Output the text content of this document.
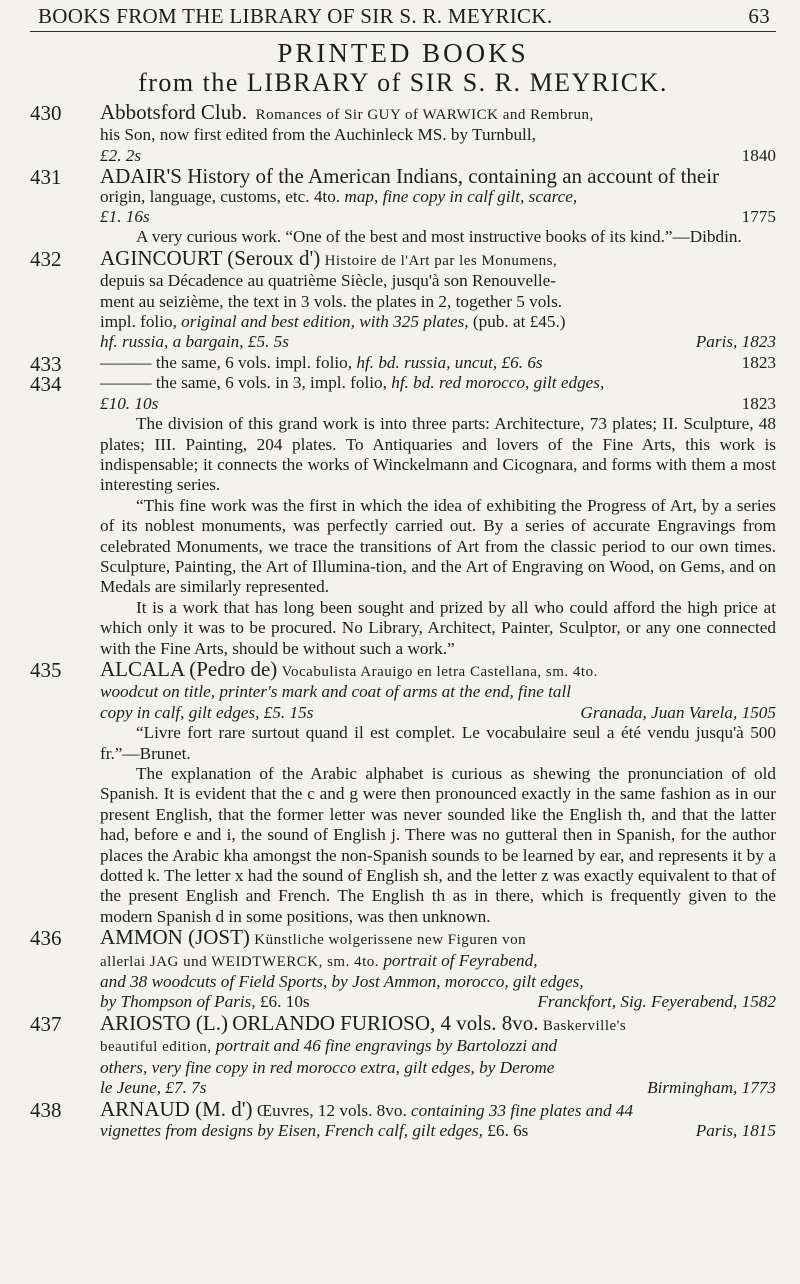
BOOKS FROM THE LIBRARY OF SIR S. R. MEYRICK.	63
PRINTED BOOKS
from the LIBRARY of SIR S. R. MEYRICK.
430 Abbotsford Club. Romances of Sir GUY of WARWICK and Rembrun,
his Son, now first edited from the Auchinleck MS. by Turnbull,
£2. 2s	1840
431 ADAIR'S History of the American Indians, containing an account of their
origin, language, customs, etc. 4to. map, fine copy in calf gilt, scarce,
£1. 16s	1775
A very curious work. “One of the best and most instructive books of its kind.”—Dibdin.
432 AGINCOURT (Seroux d') Histoire de l'Art par les Monumens,
depuis sa Décadence au quatrième Siècle, jusqu'à son Renouvelle-
ment au seizième, the text in 3 vols. the plates in 2, together 5 vols.
impl. folio, original and best edition, with 325 plates, (pub. at £45.)
hf. russia, a bargain, £5. 5s	Paris, 1823
433 ——— the same, 6 vols. impl. folio, hf. bd. russia, uncut, £6. 6s	1823
434 ——— the same, 6 vols. in 3, impl. folio, hf. bd. red morocco, gilt edges,
£10. 10s	1823
The division of this grand work is into three parts: Architecture, 73 plates; II. Sculpture, 48 plates; III. Painting, 204 plates. To Antiquaries and lovers of the Fine Arts, this work is indispensable; it connects the works of Winckelmann and Cicognara, and forms with them a most interesting series.
“This fine work was the first in which the idea of exhibiting the Progress of Art, by a series of its noblest monuments, was perfectly carried out. By a series of accurate Engravings from celebrated Monuments, we trace the transitions of Art from the classic period to our own times. Sculpture, Painting, the Art of Illumina-tion, and the Art of Engraving on Wood, on Gems, and on Medals are similarly represented.
It is a work that has long been sought and prized by all who could afford the high price at which only it was to be procured. No Library, Architect, Painter, Sculptor, or any one connected with the Fine Arts, should be without such a work.”
435 ALCALA (Pedro de) Vocabulista Arauigo en letra Castellana, sm. 4to.
woodcut on title, printer's mark and coat of arms at the end, fine tall
copy in calf, gilt edges, £5. 15s	Granada, Juan Varela, 1505
“Livre fort rare surtout quand il est complet. Le vocabulaire seul a été vendu jusqu'à 500 fr.”—Brunet.
The explanation of the Arabic alphabet is curious as shewing the pronunciation of old Spanish. It is evident that the c and g were then pronounced exactly in the same fashion as in our present English, that the former letter was never sounded like the English th, and that the latter had, before e and i, the sound of English j. There was no gutteral then in Spanish, for the author places the Arabic kha amongst the non-Spanish sounds to be learned by ear, and represents it by a dotted k. The letter x had the sound of English sh, and the letter z was exactly equivalent to that of the present English and French. The English th as in there, which is frequently given to the modern Spanish d in some positions, was then unknown.
436 AMMON (JOST) Künstliche wolgerissene new Figuren von
allerlai JAG und WEIDTWERCK, sm. 4to. portrait of Feyrabend,
and 38 woodcuts of Field Sports, by Jost Ammon, morocco, gilt edges,
by Thompson of Paris, £6. 10s	Franckfort, Sig. Feyerabend, 1582
437 ARIOSTO (L.) ORLANDO FURIOSO, 4 vols. 8vo. Baskerville's
beautiful edition, portrait and 46 fine engravings by Bartolozzi and
others, very fine copy in red morocco extra, gilt edges, by Derome
le Jeune, £7. 7s	Birmingham, 1773
438 ARNAUD (M. d') Œuvres, 12 vols. 8vo. containing 33 fine plates and 44
vignettes from designs by Eisen, French calf, gilt edges, £6. 6s	Paris, 1815
